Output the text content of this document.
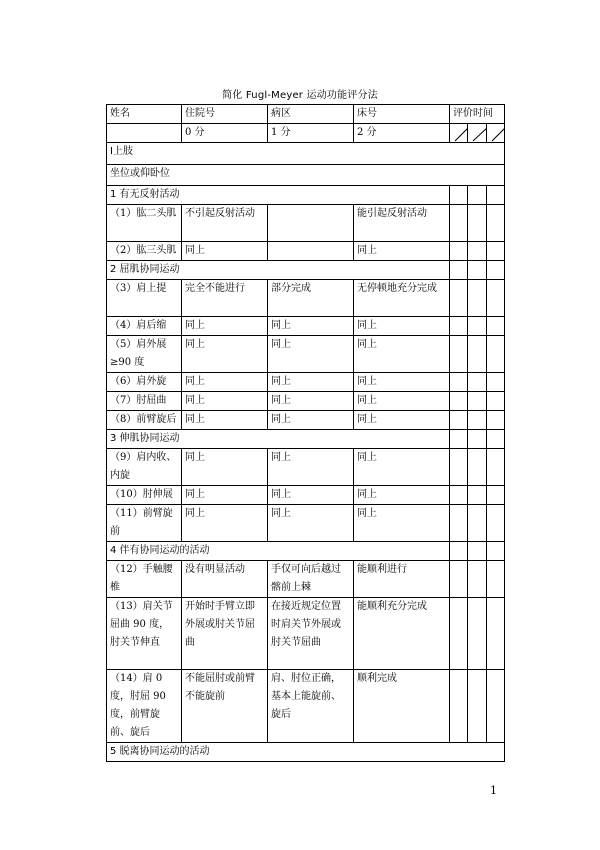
简化 Fugl-Meyer 运动功能评分法
姓名	住院号	病区	床号	评价时间		
	0 分	1 分	2 分	

Ⅰ上肢						
坐位或仰卧位						
1 有无反射活动						
（1）肱二头肌	不引起反射活动		能引起反射活动			
（2）肱三头肌	同上		同上			
2 屈肌协同运动						
（3）肩上提	完全不能进行	部分完成	无停顿地充分完成			
（4）肩后缩	同上	同上	同上			
（5）肩外展≥90 度	同上	同上	同上			
（6）肩外旋	同上	同上	同上			
（7）肘屈曲	同上	同上	同上			
（8）前臂旋后	同上	同上	同上			
3 伸肌协同运动						
（9）肩内收、内旋	同上	同上	同上			
（10）肘伸展	同上	同上	同上			
（11）前臂旋前	同上	同上	同上			
4 伴有协同运动的活动						
（12）手触腰椎	没有明显活动	手仅可向后越过髂前上棘	能顺利进行			
（13）肩关节屈曲 90 度，肘关节伸直	开始时手臂立即外展或肘关节屈曲	在接近规定位置时肩关节外展或肘关节屈曲	能顺利充分完成			
（14）肩 0 度，肘屈 90 度，前臂旋前、旋后	不能屈肘或前臂不能旋前	肩、肘位正确，基本上能旋前、旋后	顺利完成			
5 脱离协同运动的活动						
1
